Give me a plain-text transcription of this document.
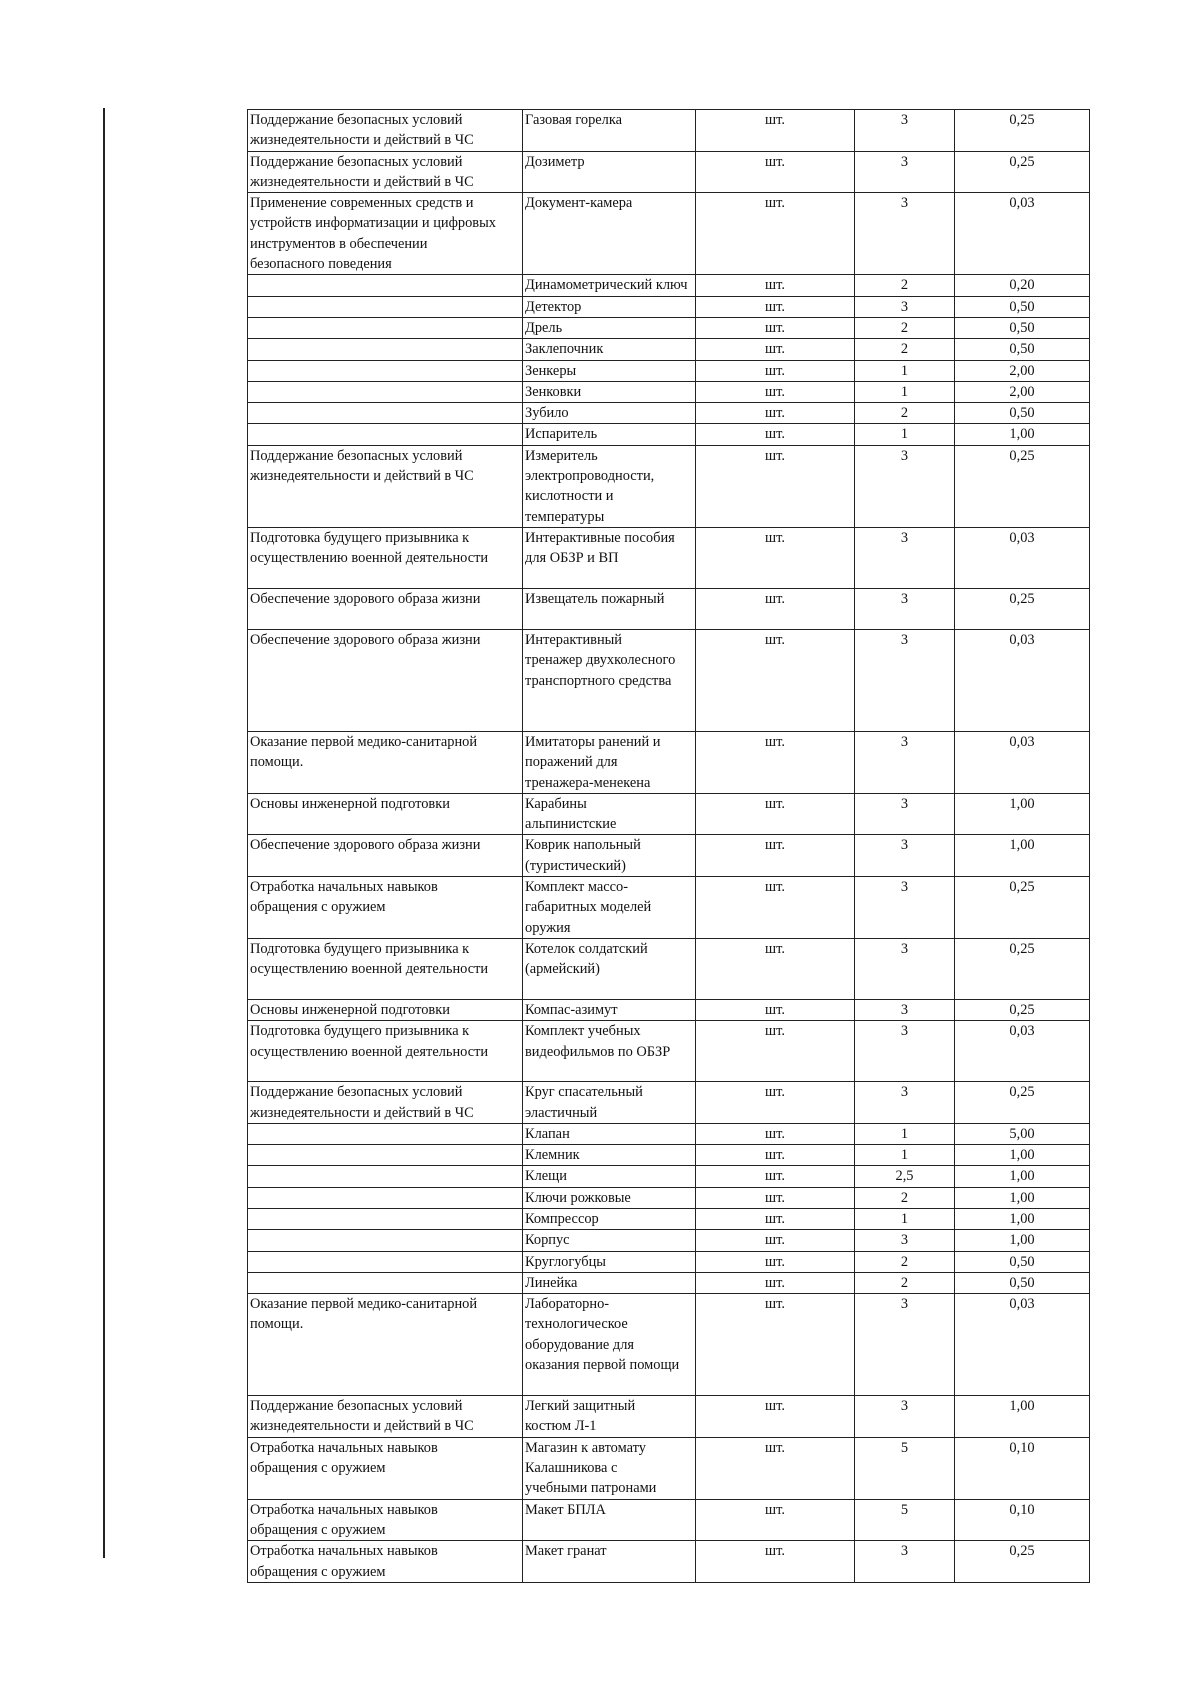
Поддержание безопасных условий
жизнедеятельности и действий в ЧС	Газовая горелка	шт.	3	0,25
Поддержание безопасных условий
жизнедеятельности и действий в ЧС	Дозиметр	шт.	3	0,25
Применение современных средств и
устройств информатизации и цифровых
инструментов в обеспечении
безопасного поведения	Документ-камера	шт.	3	0,03
	Динамометрический ключ	шт.	2	0,20
	Детектор	шт.	3	0,50
	Дрель	шт.	2	0,50
	Заклепочник	шт.	2	0,50
	Зенкеры	шт.	1	2,00
	Зенковки	шт.	1	2,00
	Зубило	шт.	2	0,50
	Испаритель	шт.	1	1,00
Поддержание безопасных условий
жизнедеятельности и действий в ЧС	Измеритель
электропроводности,
кислотности и
температуры	шт.	3	0,25
Подготовка будущего призывника к
осуществлению военной деятельности	Интерактивные пособия
для ОБЗР и ВП	шт.	3	0,03
Обеспечение здорового образа жизни	Извещатель пожарный	шт.	3	0,25
Обеспечение здорового образа жизни	Интерактивный
тренажер двухколесного
транспортного средства	шт.	3	0,03
Оказание первой медико-санитарной
помощи.	Имитаторы ранений и
поражений для
тренажера-менекена	шт.	3	0,03
Основы инженерной подготовки	Карабины
альпинистские	шт.	3	1,00
Обеспечение здорового образа жизни	Коврик напольный
(туристический)	шт.	3	1,00
Отработка начальных навыков
обращения с оружием	Комплект массо-
габаритных моделей
оружия	шт.	3	0,25
Подготовка будущего призывника к
осуществлению военной деятельности	Котелок солдатский
(армейский)	шт.	3	0,25
Основы инженерной подготовки	Компас-азимут	шт.	3	0,25
Подготовка будущего призывника к
осуществлению военной деятельности	Комплект учебных
видеофильмов по ОБЗР	шт.	3	0,03
Поддержание безопасных условий
жизнедеятельности и действий в ЧС	Круг спасательный
эластичный	шт.	3	0,25
	Клапан	шт.	1	5,00
	Клемник	шт.	1	1,00
	Клещи	шт.	2,5	1,00
	Ключи рожковые	шт.	2	1,00
	Компрессор	шт.	1	1,00
	Корпус	шт.	3	1,00
	Круглогубцы	шт.	2	0,50
	Линейка	шт.	2	0,50
Оказание первой медико-санитарной
помощи.	Лабораторно-
технологическое
оборудование для
оказания первой помощи	шт.	3	0,03
Поддержание безопасных условий
жизнедеятельности и действий в ЧС	Легкий защитный
костюм Л-1	шт.	3	1,00
Отработка начальных навыков
обращения с оружием	Магазин к автомату
Калашникова с
учебными патронами	шт.	5	0,10
Отработка начальных навыков
обращения с оружием	Макет БПЛА	шт.	5	0,10
Отработка начальных навыков
обращения с оружием	Макет гранат	шт.	3	0,25
